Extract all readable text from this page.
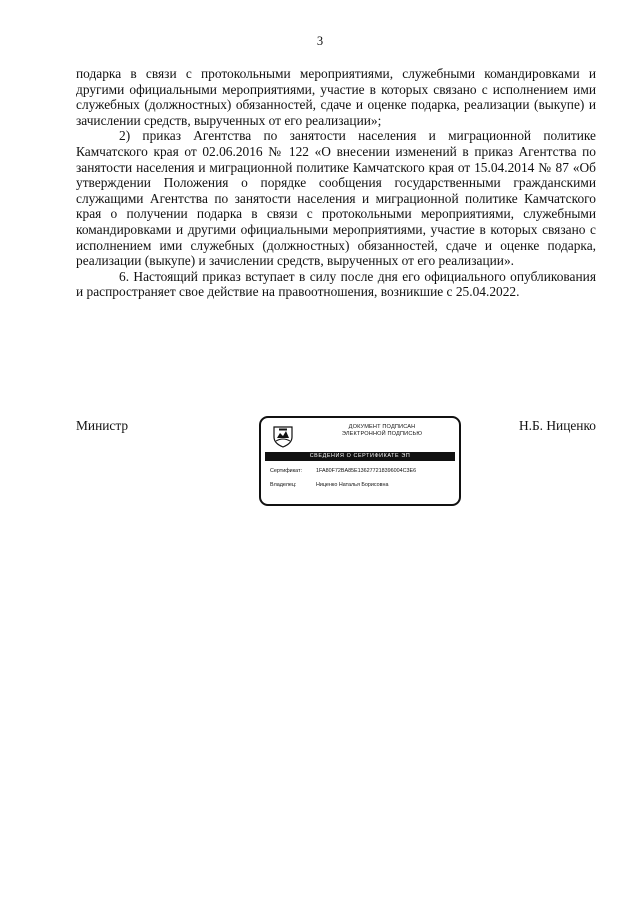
3

подарка в связи с протокольными мероприятиями, служебными командировками и другими официальными мероприятиями, участие в которых связано с исполнением ими служебных (должностных) обязанностей, сдаче и оценке подарка, реализации (выкупе) и зачислении средств, вырученных от его реализации»;

2) приказ Агентства по занятости населения и миграционной политике Камчатского края от 02.06.2016 № 122 «О внесении изменений в приказ Агентства по занятости населения и миграционной политике Камчатского края от 15.04.2014 № 87 «Об утверждении Положения о порядке сообщения государственными гражданскими служащими Агентства по занятости населения и миграционной политике Камчатского края о получении подарка в связи с протокольными мероприятиями, служебными командировками и другими официальными мероприятиями, участие в которых связано с исполнением ими служебных (должностных) обязанностей, сдаче и оценке подарка, реализации (выкупе) и зачислении средств, вырученных от его реализации».

6. Настоящий приказ вступает в силу после дня его официального опубликования и распространяет свое действие на правоотношения, возникшие с 25.04.2022.

Министр	ДОКУМЕНТ ПОДПИСАН
ЭЛЕКТРОННОЙ ПОДПИСЬЮ
СВЕДЕНИЯ О СЕРТИФИКАТЕ ЭП
Сертификат:	1FA80F72BA85E136277218396004C3E6
Владелец:	Ниценко Наталья Борисовна
Н.Б. Ниценко
